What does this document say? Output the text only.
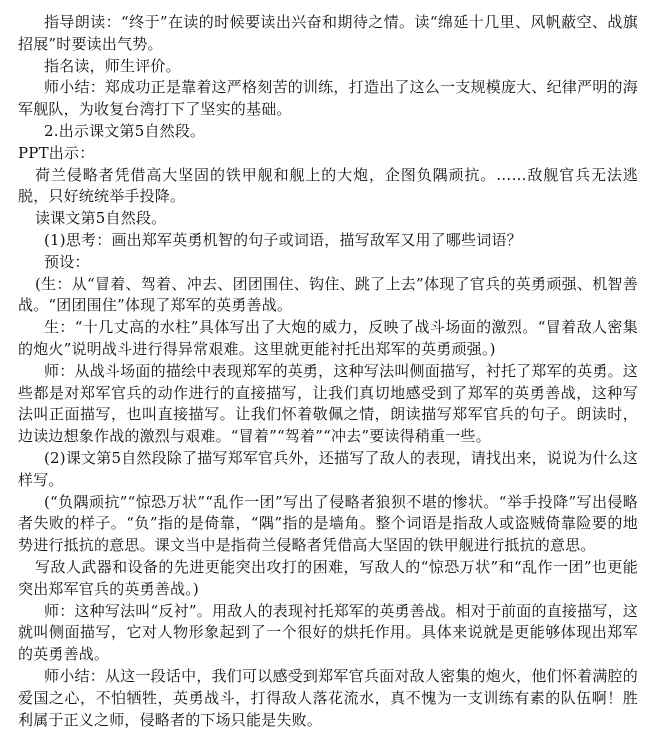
指导朗读：“终于”在读的时候要读出兴奋和期待之情。读“绵延十几里、风帆蔽空、战旗招展”时要读出气势。

指名读，师生评价。

师小结：郑成功正是靠着这严格刻苦的训练，打造出了这么一支规模庞大、纪律严明的海军舰队，为收复台湾打下了坚实的基础。

2.出示课文第5自然段。

PPT出示：

荷兰侵略者凭借高大坚固的铁甲舰和舰上的大炮，企图负隅顽抗。……敌舰官兵无法逃脱，只好统统举手投降。

读课文第5自然段。

(1)思考：画出郑军英勇机智的句子或词语，描写敌军又用了哪些词语？

预设：

(生：从“冒着、驾着、冲去、团团围住、钩住、跳了上去”体现了官兵的英勇顽强、机智善战。“团团围住”体现了郑军的英勇善战。

生：“十几丈高的水柱”具体写出了大炮的威力，反映了战斗场面的激烈。“冒着敌人密集的炮火”说明战斗进行得异常艰难。这里就更能衬托出郑军的英勇顽强。)

师：从战斗场面的描绘中表现郑军的英勇，这种写法叫侧面描写，衬托了郑军的英勇。这些都是对郑军官兵的动作进行的直接描写，让我们真切地感受到了郑军的英勇善战，这种写法叫正面描写，也叫直接描写。让我们怀着敬佩之情，朗读描写郑军官兵的句子。朗读时，边读边想象作战的激烈与艰难。“冒着”“驾着”“冲去”要读得稍重一些。

(2)课文第5自然段除了描写郑军官兵外，还描写了敌人的表现，请找出来，说说为什么这样写。

(“负隅顽抗”“惊恐万状”“乱作一团”写出了侵略者狼狈不堪的惨状。“举手投降”写出侵略者失败的样子。“负”指的是倚靠，“隅”指的是墙角。整个词语是指敌人或盗贼倚靠险要的地势进行抵抗的意思。课文当中是指荷兰侵略者凭借高大坚固的铁甲舰进行抵抗的意思。

写敌人武器和设备的先进更能突出攻打的困难，写敌人的“惊恐万状”和“乱作一团”也更能突出郑军官兵的英勇善战。)

师：这种写法叫“反衬”。用敌人的表现衬托郑军的英勇善战。相对于前面的直接描写，这就叫侧面描写，它对人物形象起到了一个很好的烘托作用。具体来说就是更能够体现出郑军的英勇善战。

师小结：从这一段话中，我们可以感受到郑军官兵面对敌人密集的炮火，他们怀着满腔的爱国之心，不怕牺牲，英勇战斗，打得敌人落花流水，真不愧为一支训练有素的队伍啊！胜利属于正义之师，侵略者的下场只能是失败。
